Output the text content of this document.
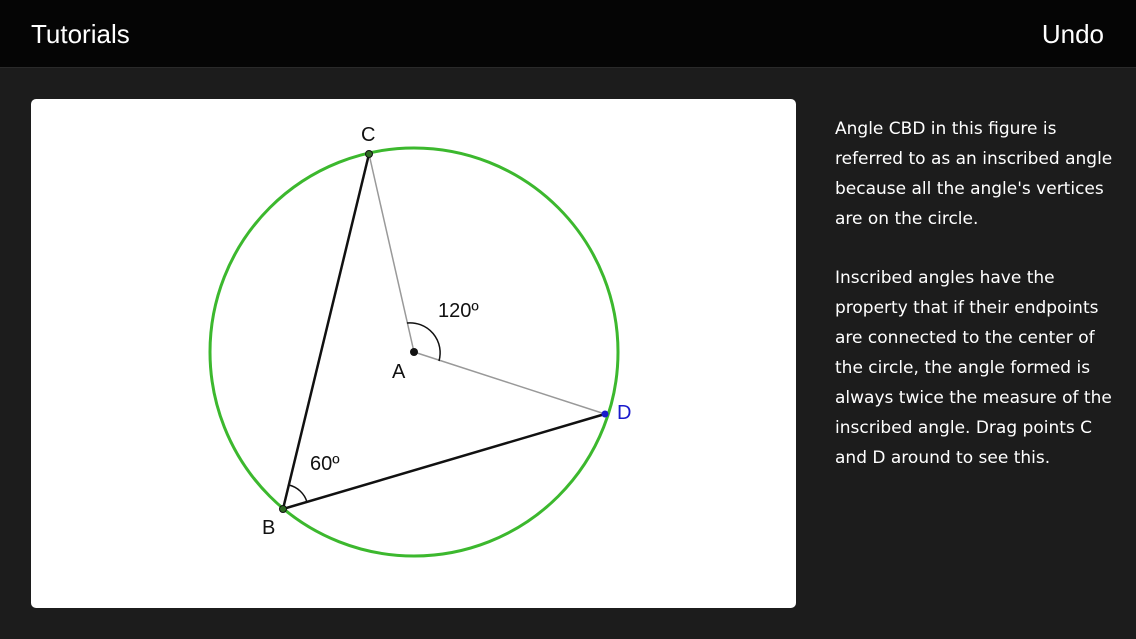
Tutorials	Undo
C
A
B
D
120º
60º

Angle CBD in this figure is referred to as an inscribed angle because all the angle's vertices are on the circle.

Inscribed angles have the property that if their endpoints are connected to the center of the circle, the angle formed is always twice the measure of the inscribed angle. Drag points C and D around to see this.
